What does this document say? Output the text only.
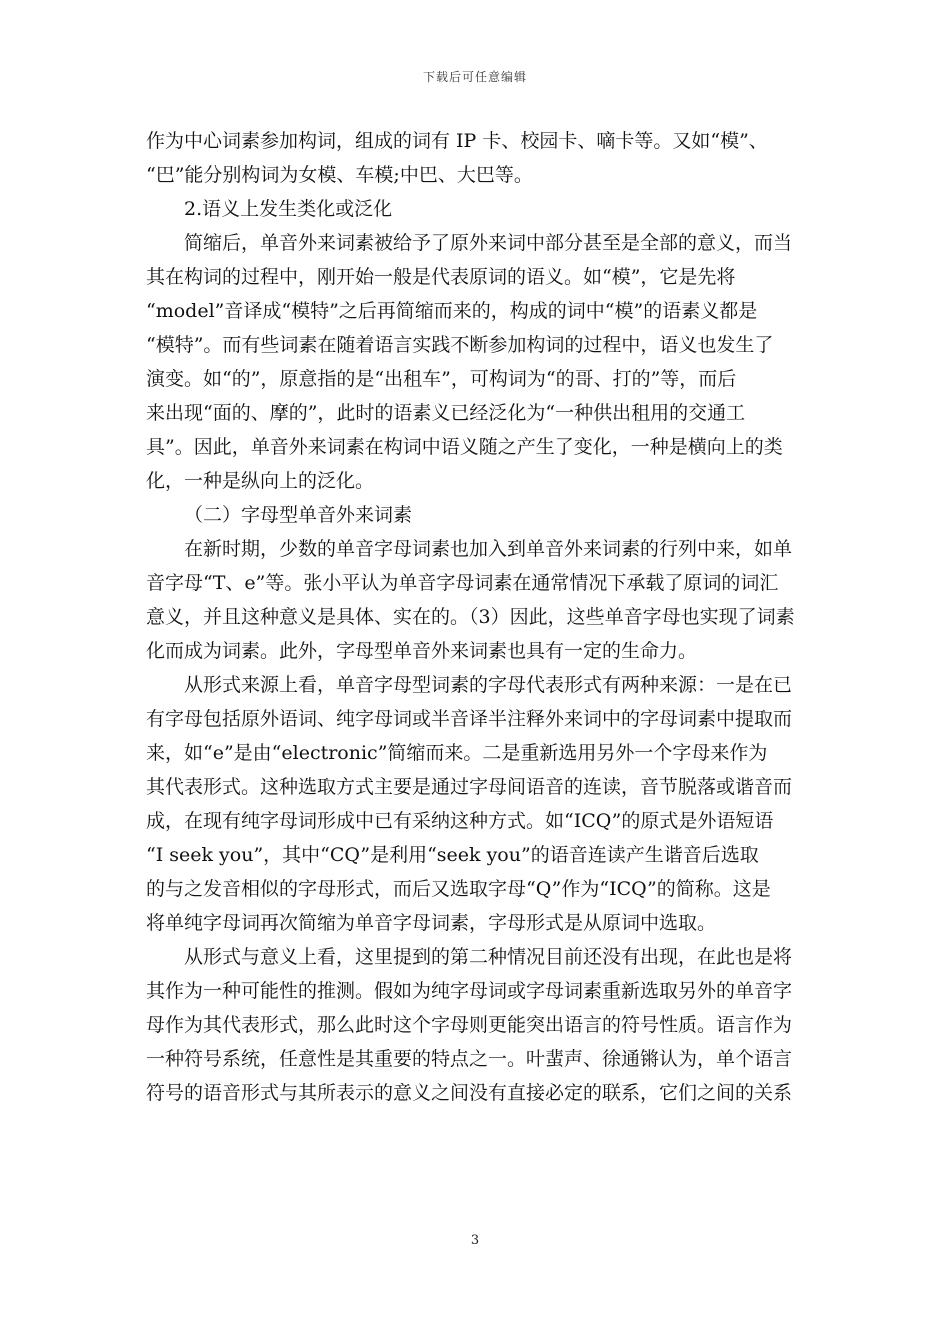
下载后可任意编辑
作为中心词素参加构词，组成的词有 IP 卡、校园卡、嘀卡等。又如“模”、
“巴”能分别构词为女模、车模;中巴、大巴等。
2.语义上发生类化或泛化
简缩后，单音外来词素被给予了原外来词中部分甚至是全部的意义，而当
其在构词的过程中，刚开始一般是代表原词的语义。如“模”，它是先将
“model”音译成“模特”之后再简缩而来的，构成的词中“模”的语素义都是
“模特”。而有些词素在随着语言实践不断参加构词的过程中，语义也发生了
演变。如“的”，原意指的是“出租车”，可构词为“的哥、打的”等，而后
来出现“面的、摩的”，此时的语素义已经泛化为“一种供出租用的交通工
具”。因此，单音外来词素在构词中语义随之产生了变化，一种是横向上的类
化，一种是纵向上的泛化。
（二）字母型单音外来词素
在新时期，少数的单音字母词素也加入到单音外来词素的行列中来，如单
音字母“T、e”等。张小平认为单音字母词素在通常情况下承载了原词的词汇
意义，并且这种意义是具体、实在的。（3）因此，这些单音字母也实现了词素
化而成为词素。此外，字母型单音外来词素也具有一定的生命力。
从形式来源上看，单音字母型词素的字母代表形式有两种来源：一是在已
有字母包括原外语词、纯字母词或半音译半注释外来词中的字母词素中提取而
来，如“e”是由“electronic”简缩而来。二是重新选用另外一个字母来作为
其代表形式。这种选取方式主要是通过字母间语音的连读，音节脱落或谐音而
成，在现有纯字母词形成中已有采纳这种方式。如“ICQ”的原式是外语短语
“I seek you”，其中“CQ”是利用“seek you”的语音连读产生谐音后选取
的与之发音相似的字母形式，而后又选取字母“Q”作为“ICQ”的简称。这是
将单纯字母词再次简缩为单音字母词素，字母形式是从原词中选取。
从形式与意义上看，这里提到的第二种情况目前还没有出现，在此也是将
其作为一种可能性的推测。假如为纯字母词或字母词素重新选取另外的单音字
母作为其代表形式，那么此时这个字母则更能突出语言的符号性质。语言作为
一种符号系统，任意性是其重要的特点之一。叶蜚声、徐通锵认为，单个语言
符号的语音形式与其所表示的意义之间没有直接必定的联系，它们之间的关系
3
